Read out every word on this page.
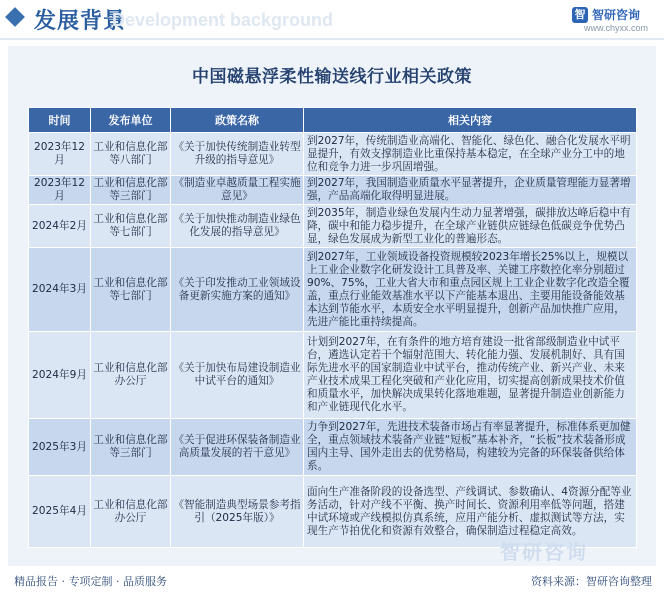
发展背景
Development background	智 智研咨询
www.chyxx.com
中国磁悬浮柔性输送线行业相关政策
时间	发布单位	政策名称	相关内容
2023年12月	工业和信息化部等八部门	《关于加快传统制造业转型升级的指导意见》	到2027年，传统制造业高端化、智能化、绿色化、融合化发展水平明显提升，有效支撑制造业比重保持基本稳定，在全球产业分工中的地位和竞争力进一步巩固增强。
2023年12月	工业和信息化部等三部门	《制造业卓越质量工程实施意见》	到2027年，我国制造业质量水平显著提升，企业质量管理能力显著增强，产品高端化取得明显进展。
2024年2月	工业和信息化部等七部门	《关于加快推动制造业绿色化发展的指导意见》	到2035年，制造业绿色发展内生动力显著增强，碳排放达峰后稳中有降，碳中和能力稳步提升，在全球产业链供应链绿色低碳竞争优势凸显，绿色发展成为新型工业化的普遍形态。
2024年3月	工业和信息化部等七部门	《关于印发推动工业领域设备更新实施方案的通知》	到2027年，工业领域设备投资规模较2023年增长25%以上，规模以上工业企业数字化研发设计工具普及率、关键工序数控化率分别超过90%、75%，工业大省大市和重点园区规上工业企业数字化改造全覆盖，重点行业能效基准水平以下产能基本退出、主要用能设备能效基本达到节能水平，本质安全水平明显提升，创新产品加快推广应用，先进产能比重持续提高。
2024年9月	工业和信息化部办公厅	《关于加快布局建设制造业中试平台的通知》	计划到2027年，在有条件的地方培育建设一批省部级制造业中试平台，遴选认定若干个辐射范围大、转化能力强、发展机制好、具有国际先进水平的国家制造业中试平台，推动传统产业、新兴产业、未来产业技术成果工程化突破和产业化应用，切实提高创新成果技术价值和质量水平，加快解决成果转化落地难题，显著提升制造业创新能力和产业链现代化水平。
2025年3月	工业和信息化部等三部门	《关于促进环保装备制造业高质量发展的若干意见》	力争到2027年，先进技术装备市场占有率显著提升，标准体系更加健全，重点领域技术装备产业链“短板”基本补齐，“长板”技术装备形成国内主导、国外走出去的优势格局，构建较为完备的环保装备供给体系。
2025年4月	工业和信息化部办公厅	《智能制造典型场景参考指引（2025年版）》	面向生产准备阶段的设备选型、产线调试、参数确认、4资源分配等业务活动，针对产线不平衡、换产时间长、资源利用率低等问题，搭建中试环境或产线模拟仿真系统，应用产能分析、虚拟测试等方法，实现生产节拍优化和资源有效整合，确保制造过程稳定高效。
智研咨询
精品报告 · 专项定制 · 品质服务	资料来源：智研咨询整理
